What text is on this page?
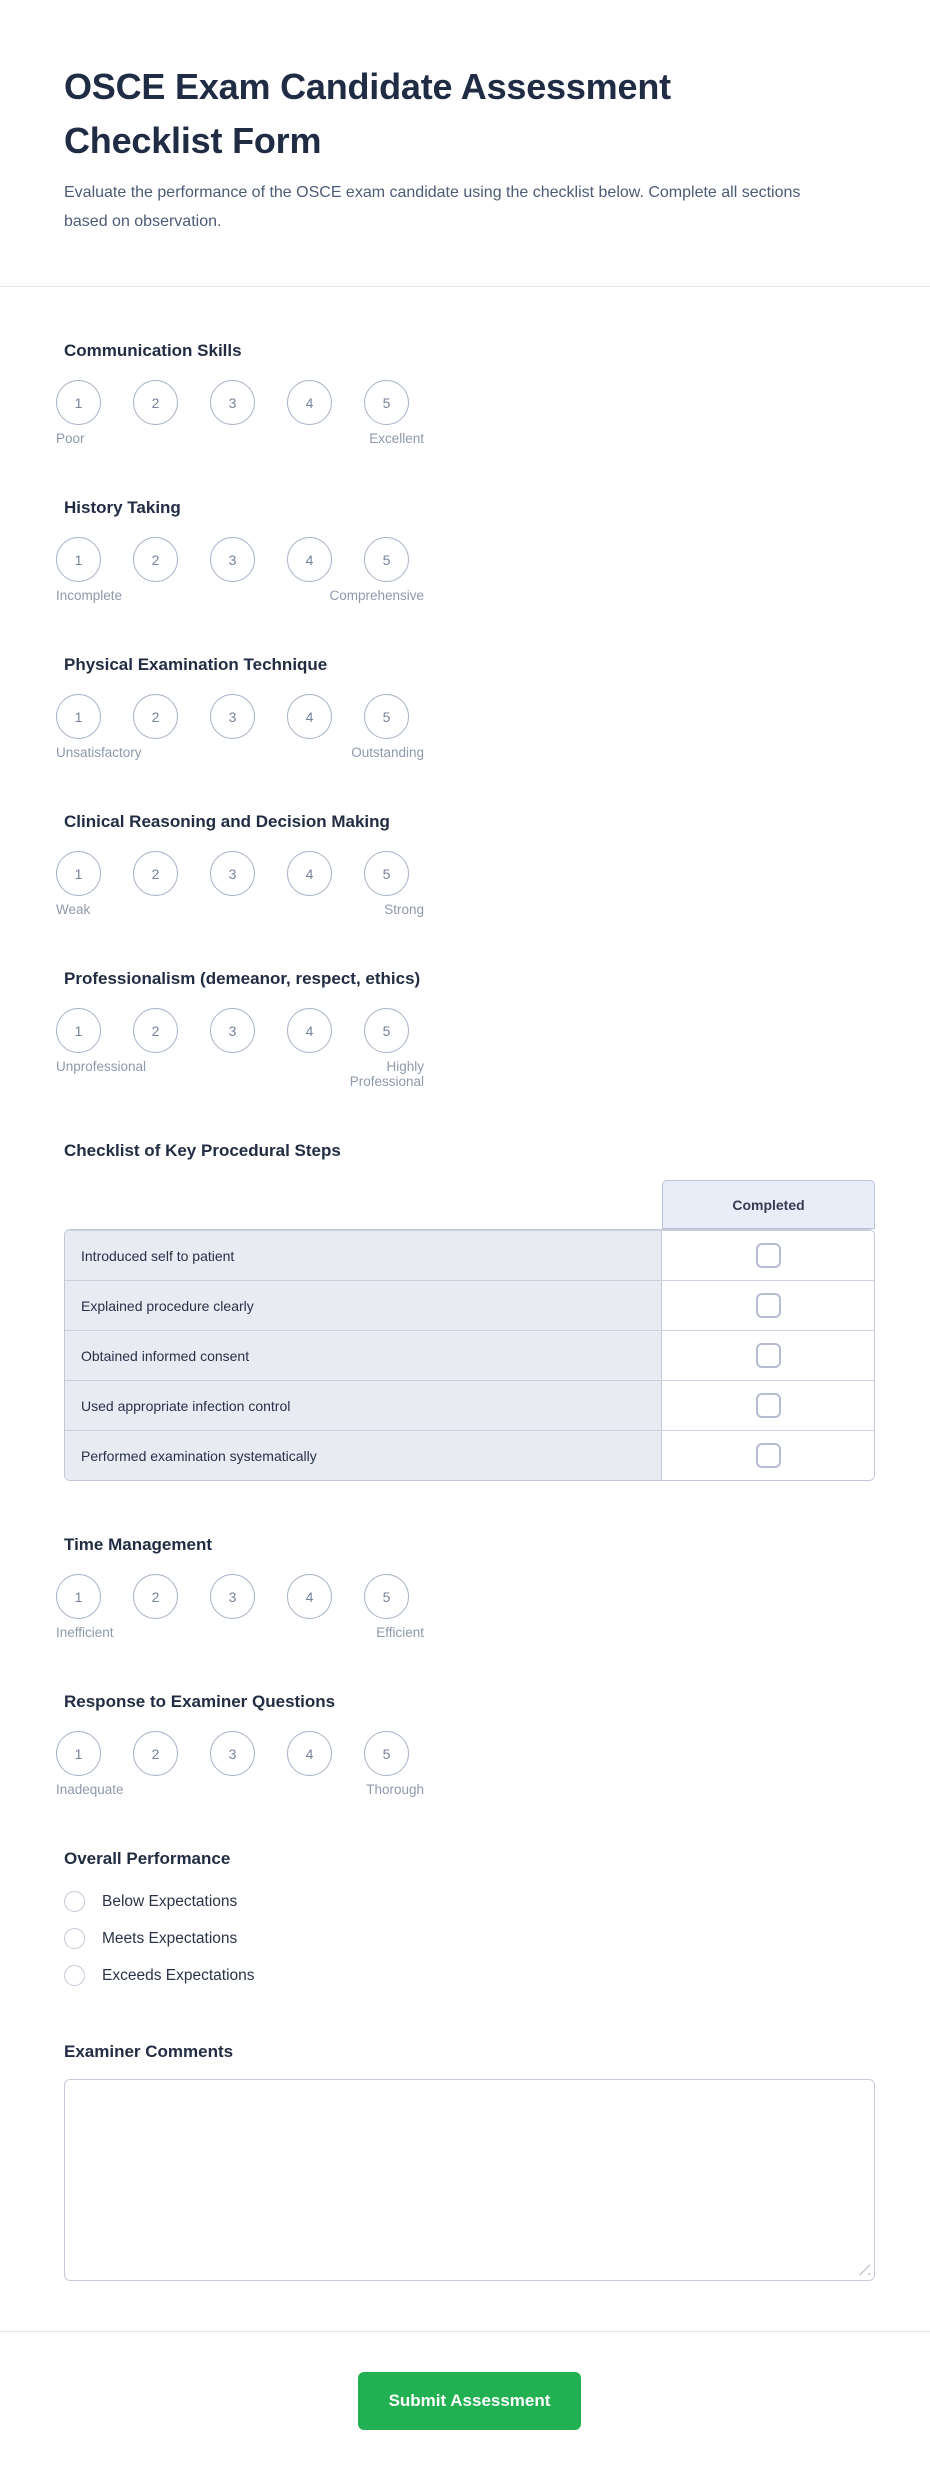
OSCE Exam Candidate Assessment Checklist Form

Evaluate the performance of the OSCE exam candidate using the checklist below. Complete all sections based on observation.

Communication Skills
1	2	3	4	5
Poor	Excellent
History Taking
1	2	3	4	5
Incomplete	Comprehensive
Physical Examination Technique
1	2	3	4	5
Unsatisfactory	Outstanding
Clinical Reasoning and Decision Making
1	2	3	4	5
Weak	Strong
Professionalism (demeanor, respect, ethics)
1	2	3	4	5
Unprofessional	Highly Professional
Checklist of Key Procedural Steps
Completed
Introduced self to patient
Explained procedure clearly
Obtained informed consent
Used appropriate infection control
Performed examination systematically
Time Management
1	2	3	4	5
Inefficient	Efficient
Response to Examiner Questions
1	2	3	4	5
Inadequate	Thorough
Overall Performance
Below Expectations
Meets Expectations
Exceeds Expectations
Examiner Comments
Submit Assessment
